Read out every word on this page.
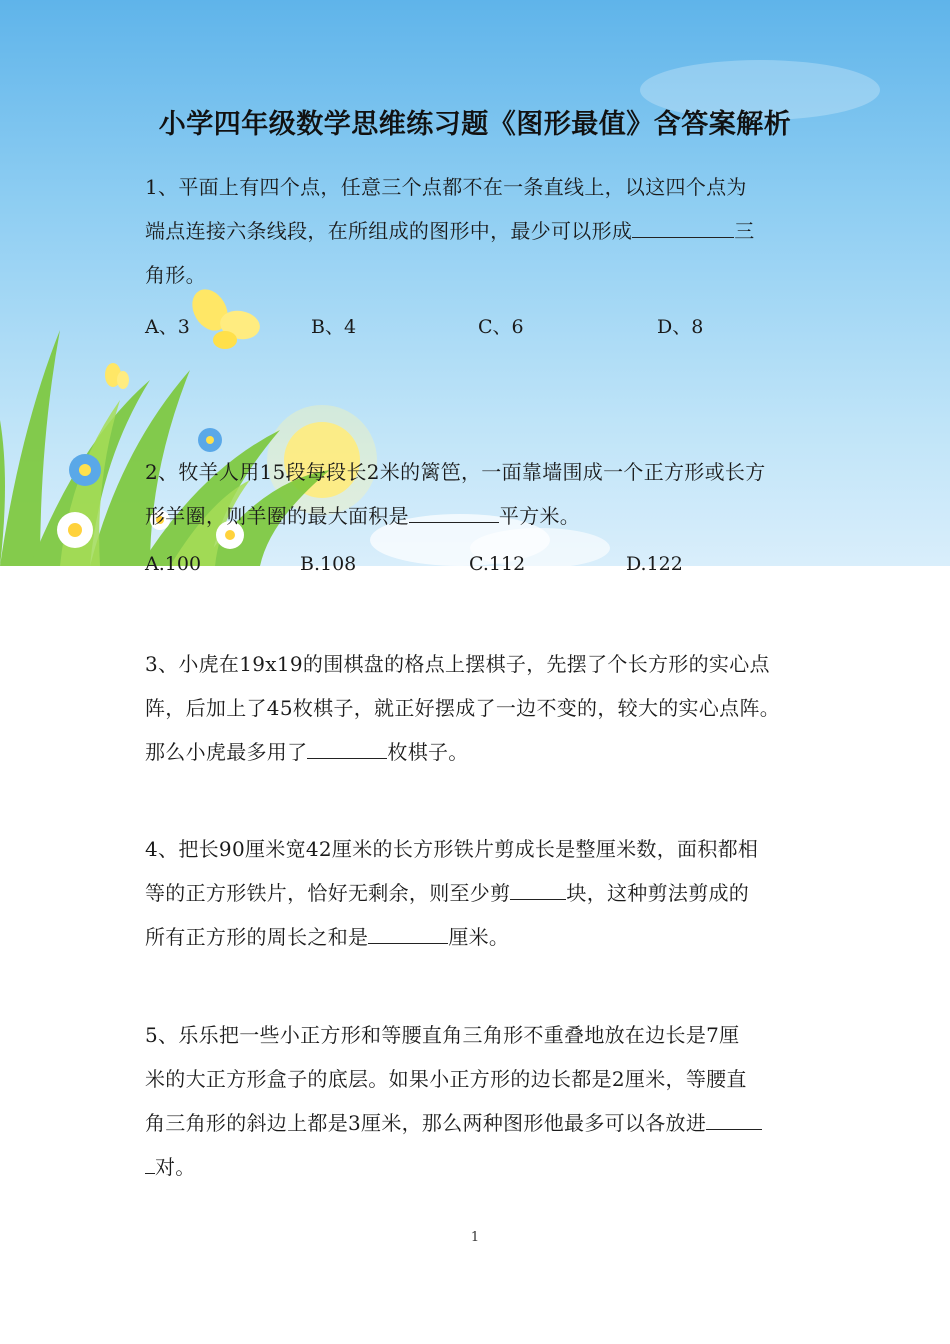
小学四年级数学思维练习题《图形最值》含答案解析
1、平面上有四个点，任意三个点都不在一条直线上，以这四个点为
端点连接六条线段，在所组成的图形中，最少可以形成	三
角形。
A、3	B、4	C、6	D、8
2、牧羊人用15段每段长2米的篱笆，一面靠墙围成一个正方形或长方
形羊圈，则羊圈的最大面积是	平方米。
A.100	B.108	C.112	D.122
3、小虎在19x19的围棋盘的格点上摆棋子，先摆了个长方形的实心点
阵，后加上了45枚棋子，就正好摆成了一边不变的，较大的实心点阵。
那么小虎最多用了	枚棋子。
4、把长90厘米宽42厘米的长方形铁片剪成长是整厘米数，面积都相
等的正方形铁片，恰好无剩余，则至少剪	块，这种剪法剪成的
所有正方形的周长之和是	厘米。
5、乐乐把一些小正方形和等腰直角三角形不重叠地放在边长是7厘
米的大正方形盒子的底层。如果小正方形的边长都是2厘米，等腰直
角三角形的斜边上都是3厘米，那么两种图形他最多可以各放进
对。
1
